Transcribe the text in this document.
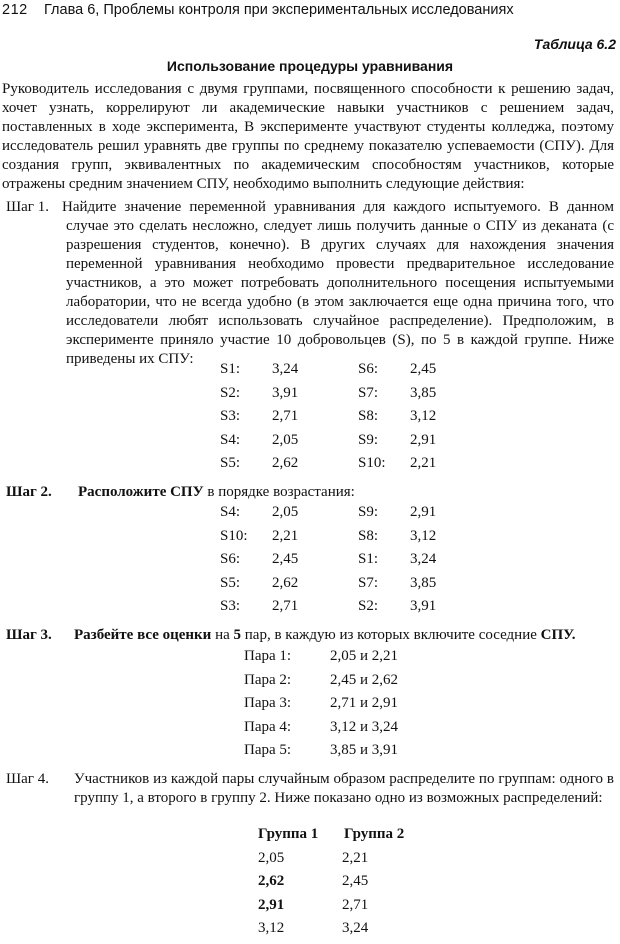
212 Глава 6, Проблемы контроля при экспериментальных исследованиях
Таблица 6.2
Использование процедуры уравнивания

Руководитель исследования с двумя группами, посвященного способности к решению задач, хочет узнать, коррелируют ли академические навыки участников с решением задач, поставленных в ходе эксперимента, В эксперименте участвуют студенты колледжа, поэтому исследователь решил уравнять две группы по среднему показателю успеваемости (СПУ). Для создания групп, эквивалентных по академическим способностям участников, которые отражены средним значением СПУ, необходимо выполнить следующие действия:

Шаг 1. Найдите значение переменной уравнивания для каждого испытуемого. В данном случае это сделать несложно, следует лишь получить данные о СПУ из деканата (с разрешения студентов, конечно). В других случаях для нахождения значения переменной уравнивания необходимо провести предварительное исследование участников, а это может потребовать дополнительного посещения испытуемыми лаборатории, что не всегда удобно (в этом заключается еще одна причина того, что исследователи любят использовать случайное распределение). Предположим, в эксперименте приняло участие 10 добровольцев (S), по 5 в каждой группе. Ниже приведены их СПУ:

S1: 3,24	S6: 2,45
S2: 3,91	S7: 3,85
S3: 2,71	S8: 3,12
S4: 2,05	S9: 2,91
S5: 2,62	S10: 2,21
Шаг 2. Расположите СПУ в порядке возрастания:
S4: 2,05	S9: 2,91
S10: 2,21	S8: 3,12
S6: 2,45	S1: 3,24
S5: 2,62	S7: 3,85
S3: 2,71	S2: 3,91
Шаг 3. Разбейте все оценки на 5 пар, в каждую из которых включите соседние СПУ.
Пара 1:	2,05 и 2,21
Пара 2:	2,45 и 2,62
Пара 3:	2,71 и 2,91
Пара 4:	3,12 и 3,24
Пара 5:	3,85 и 3,91
Шаг 4. Участников из каждой пары случайным образом распределите по группам: одного в группу 1, а второго в группу 2. Ниже показано одно из возможных распределений:

Группа 1 Группа 2
2,05	2,21
2,62	2,45
2,91	2,71
3,12	3,24
